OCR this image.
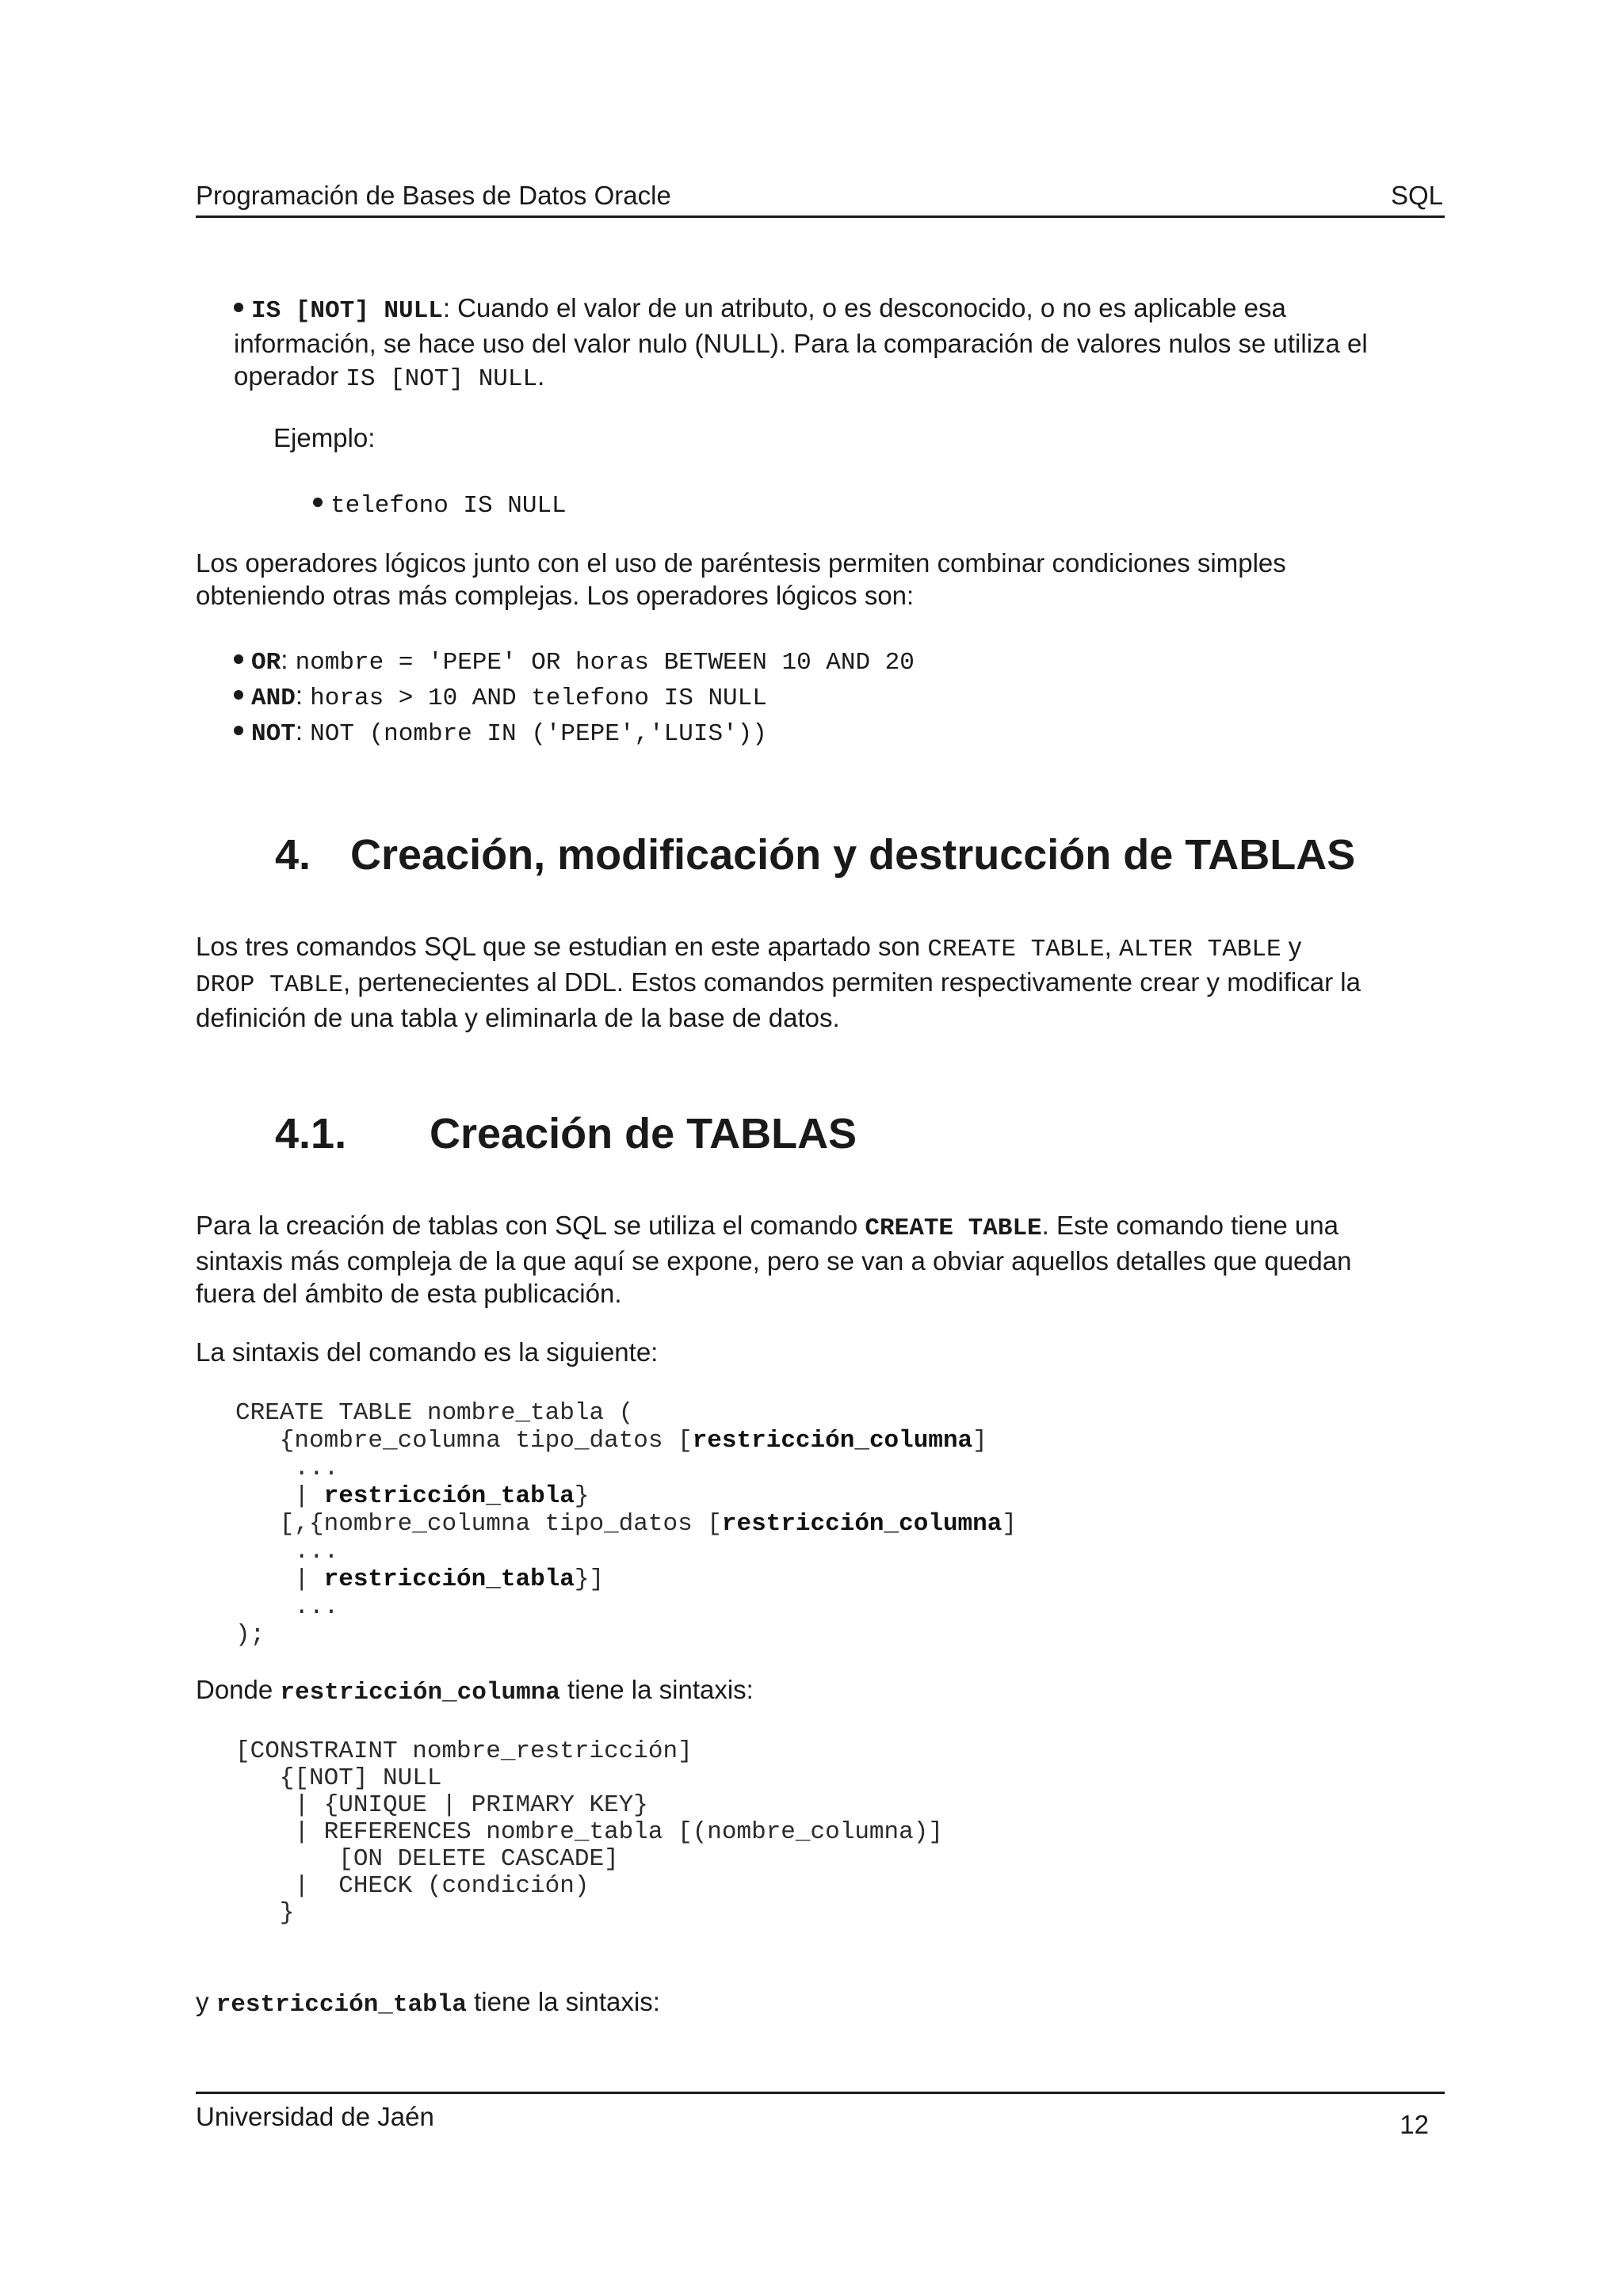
Programación de Bases de Datos Oracle	SQL
IS [NOT] NULL: Cuando el valor de un atributo, o es desconocido, o no es aplicable esa
información, se hace uso del valor nulo (NULL). Para la comparación de valores nulos se utiliza el
operador IS [NOT] NULL.
Ejemplo:
telefono IS NULL
Los operadores lógicos junto con el uso de paréntesis permiten combinar condiciones simples
obteniendo otras más complejas. Los operadores lógicos son:
OR: nombre = 'PEPE' OR horas BETWEEN 10 AND 20
AND: horas > 10 AND telefono IS NULL
NOT: NOT (nombre IN ('PEPE','LUIS'))
4. Creación, modificación y destrucción de TABLAS
Los tres comandos SQL que se estudian en este apartado son CREATE TABLE, ALTER TABLE y
DROP TABLE, pertenecientes al DDL. Estos comandos permiten respectivamente crear y modificar la
definición de una tabla y eliminarla de la base de datos.
4.1. Creación de TABLAS
Para la creación de tablas con SQL se utiliza el comando CREATE TABLE. Este comando tiene una
sintaxis más compleja de la que aquí se expone, pero se van a obviar aquellos detalles que quedan
fuera del ámbito de esta publicación.
La sintaxis del comando es la siguiente:
CREATE TABLE nombre_tabla (
{nombre_columna tipo_datos [restricción_columna]
...
| restricción_tabla}
[,{nombre_columna tipo_datos [restricción_columna]
...
| restricción_tabla}]
...
);
Donde restricción_columna tiene la sintaxis:
[CONSTRAINT nombre_restricción]
{[NOT] NULL
| {UNIQUE | PRIMARY KEY}
| REFERENCES nombre_tabla [(nombre_columna)]
[ON DELETE CASCADE]
|  CHECK (condición)
}
y restricción_tabla tiene la sintaxis:
Universidad de Jaén	12
